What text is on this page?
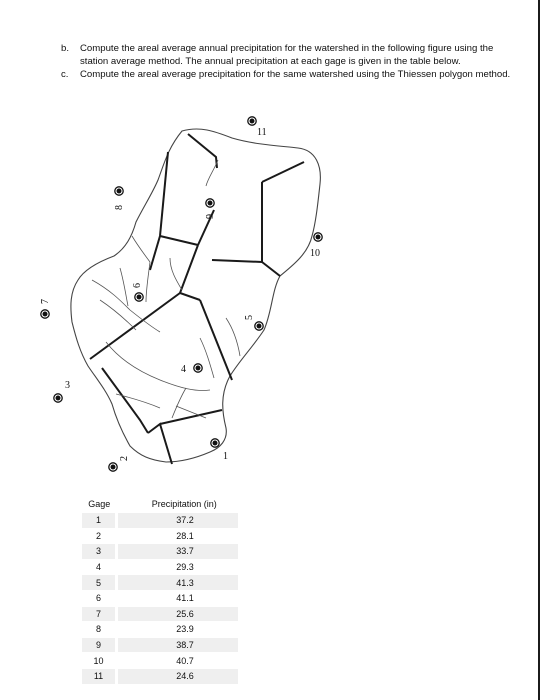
b. Compute the areal average annual precipitation for the watershed in the following figure using the station average method. The annual precipitation at each gage is given in the table below.
c. Compute the areal average precipitation for the same watershed using the Thiessen polygon method.
1
2
3
4
5
6
7
8
9
10
11
Gage	Precipitation (in)
1	37.2
2	28.1
3	33.7
4	29.3
5	41.3
6	41.1
7	25.6
8	23.9
9	38.7
10	40.7
11	24.6
